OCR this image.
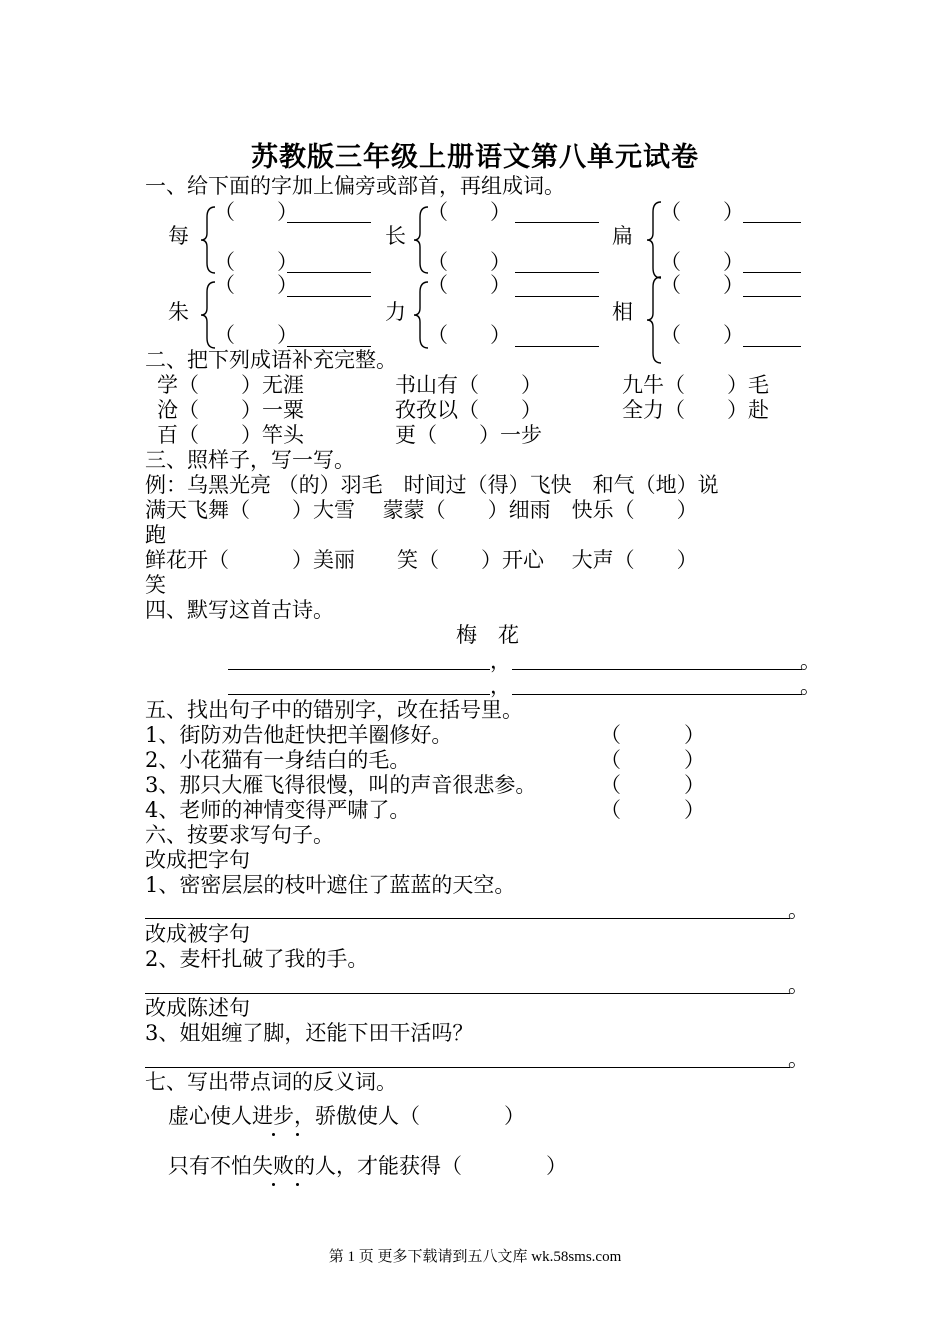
苏教版三年级上册语文第八单元试卷
一、给下面的字加上偏旁或部首，再组成词。
每
（　　）
（　　）
长
（　　）
（　　）
扁
（　　）
（　　）
朱
（　　）
（　　）
力
（　　）
（　　）
相
（　　）
（　　）
二、把下列成语补充完整。
学（　　）无涯	书山有（　　）	九牛（　　）毛
沧（　　）一粟	孜孜以（　　）	全力（　　）赴
百（　　）竿头	更（　　）一步
三、照样子，写一写。
例：乌黑光亮 （的）羽毛　时间过（得）飞快　和气（地）说
满天飞舞（　　）大雪　 蒙蒙（　　）细雨　快乐（　　）
跑
鲜花开（　　　）美丽　　笑（　　）开心　 大声（　　）
笑
四、默写这首古诗。
梅　花
，	。
，	。
五、找出句子中的错别字，改在括号里。
1、街防劝告他赶快把羊圈修好。	（　　　）
2、小花猫有一身结白的毛。	（　　　）
3、那只大雁飞得很慢，叫的声音很悲参。	（　　　）
4、老师的神情变得严啸了。	（　　　）
六、按要求写句子。
改成把字句
1、密密层层的枝叶遮住了蓝蓝的天空。
。
改成被字句
2、麦杆扎破了我的手。
。
改成陈述句
3、姐姐缠了脚，还能下田干活吗？
。
七、写出带点词的反义词。
虚心使人进步，骄傲使人（　　　　）
只有不怕失败的人，才能获得（　　　　）
第 1 页 更多下载请到五八文库 wk.58sms.com
